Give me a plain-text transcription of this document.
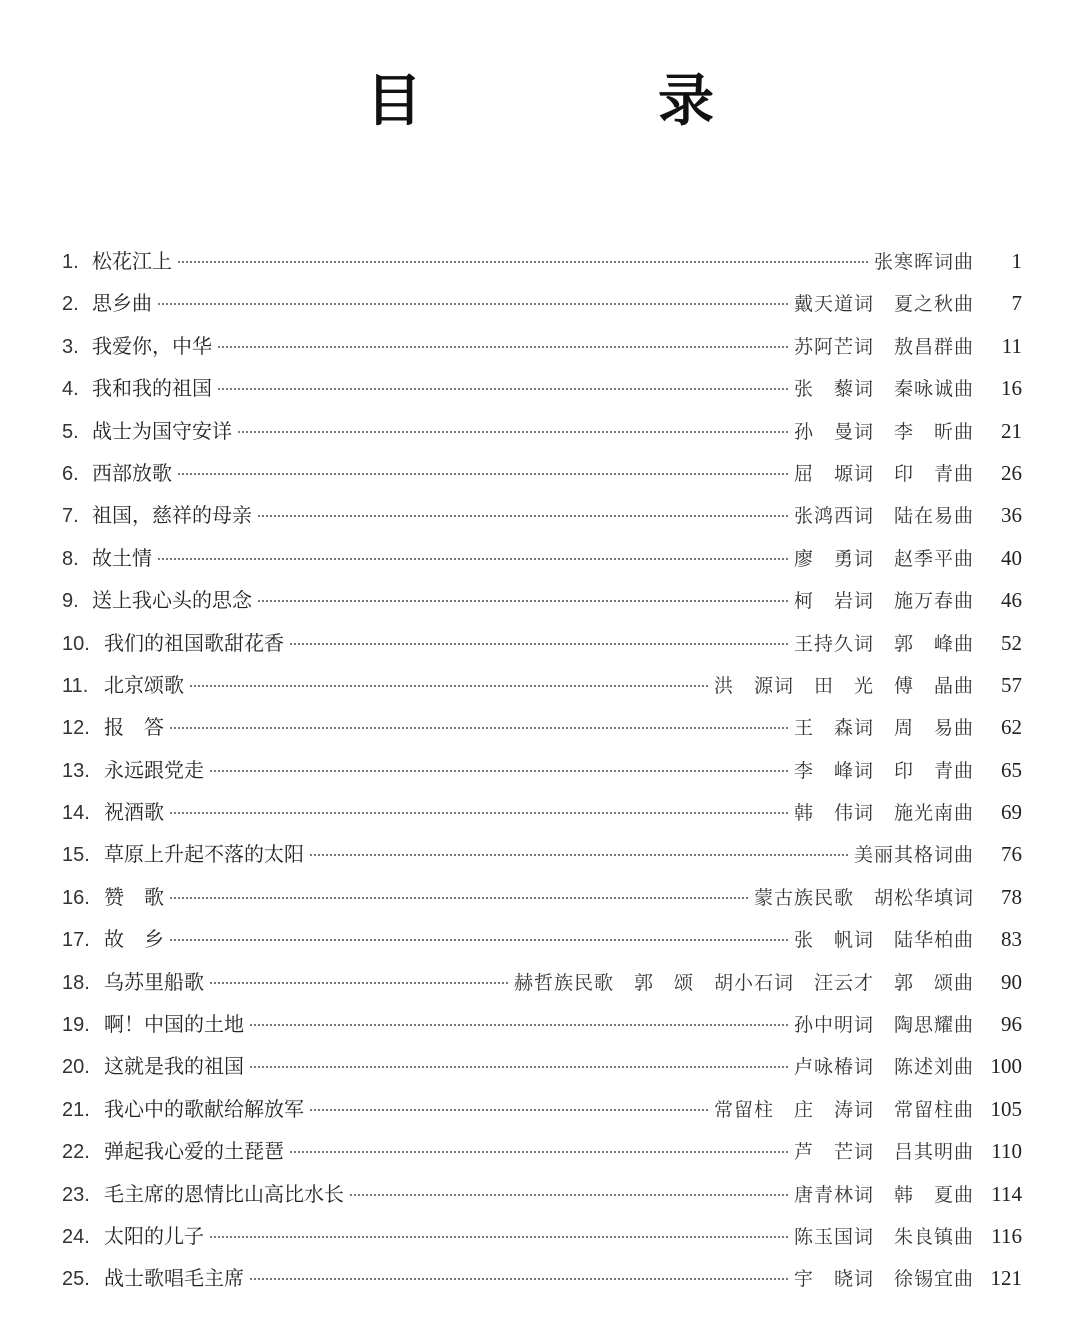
目　录
1. 松花江上	张寒晖词曲	1
2. 思乡曲	戴天道词　夏之秋曲	7
3. 我爱你，中华	苏阿芒词　敖昌群曲	11
4. 我和我的祖国	张　藜词　秦咏诚曲	16
5. 战士为国守安详	孙　曼词　李　昕曲	21
6. 西部放歌	屈　塬词　印　青曲	26
7. 祖国，慈祥的母亲	张鸿西词　陆在易曲	36
8. 故土情	廖　勇词　赵季平曲	40
9. 送上我心头的思念	柯　岩词　施万春曲	46
10. 我们的祖国歌甜花香	王持久词　郭　峰曲	52
11. 北京颂歌	洪　源词　田　光　傅　晶曲	57
12. 报　答	王　森词　周　易曲	62
13. 永远跟党走	李　峰词　印　青曲	65
14. 祝酒歌	韩　伟词　施光南曲	69
15. 草原上升起不落的太阳	美丽其格词曲	76
16. 赞　歌	蒙古族民歌　胡松华填词	78
17. 故　乡	张　帆词　陆华柏曲	83
18. 乌苏里船歌	赫哲族民歌　郭　颂　胡小石词　汪云才　郭　颂曲	90
19. 啊！中国的土地	孙中明词　陶思耀曲	96
20. 这就是我的祖国	卢咏椿词　陈述刘曲 100
21. 我心中的歌献给解放军	常留柱　庄　涛词　常留柱曲 105
22. 弹起我心爱的土琵琶	芦　芒词　吕其明曲 110
23. 毛主席的恩情比山高比水长	唐青林词　韩　夏曲 114
24. 太阳的儿子	陈玉国词　朱良镇曲 116
25. 战士歌唱毛主席	宇　晓词　徐锡宜曲 121
